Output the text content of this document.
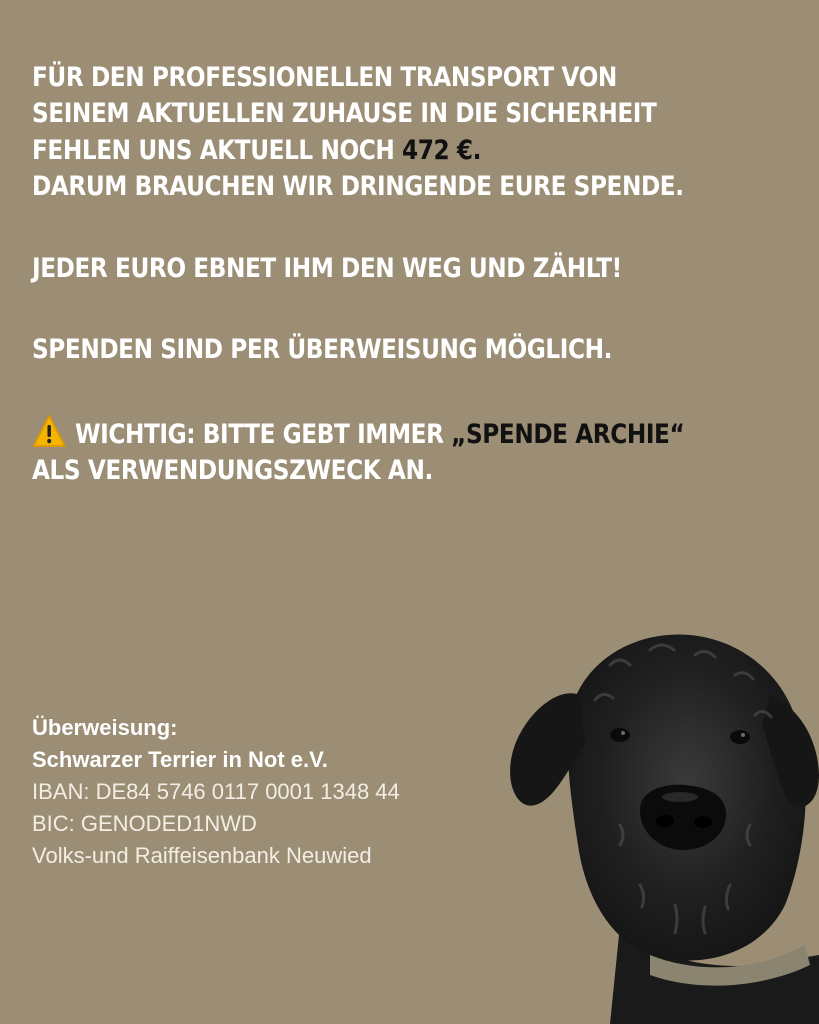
FÜR DEN PROFESSIONELLEN TRANSPORT VON

SEINEM AKTUELLEN ZUHAUSE IN DIE SICHERHEIT

FEHLEN UNS AKTUELL NOCH 472 €.

DARUM BRAUCHEN WIR DRINGENDE EURE SPENDE.

JEDER EURO EBNET IHM DEN WEG UND ZÄHLT!

SPENDEN SIND PER ÜBERWEISUNG MÖGLICH.

WICHTIG: BITTE GEBT IMMER „SPENDE ARCHIE“

ALS VERWENDUNGSZWECK AN.

Überweisung:
Schwarzer Terrier in Not e.V.
IBAN: DE84 5746 0117 0001 1348 44
BIC: GENODED1NWD
Volks-und Raiffeisenbank Neuwied
